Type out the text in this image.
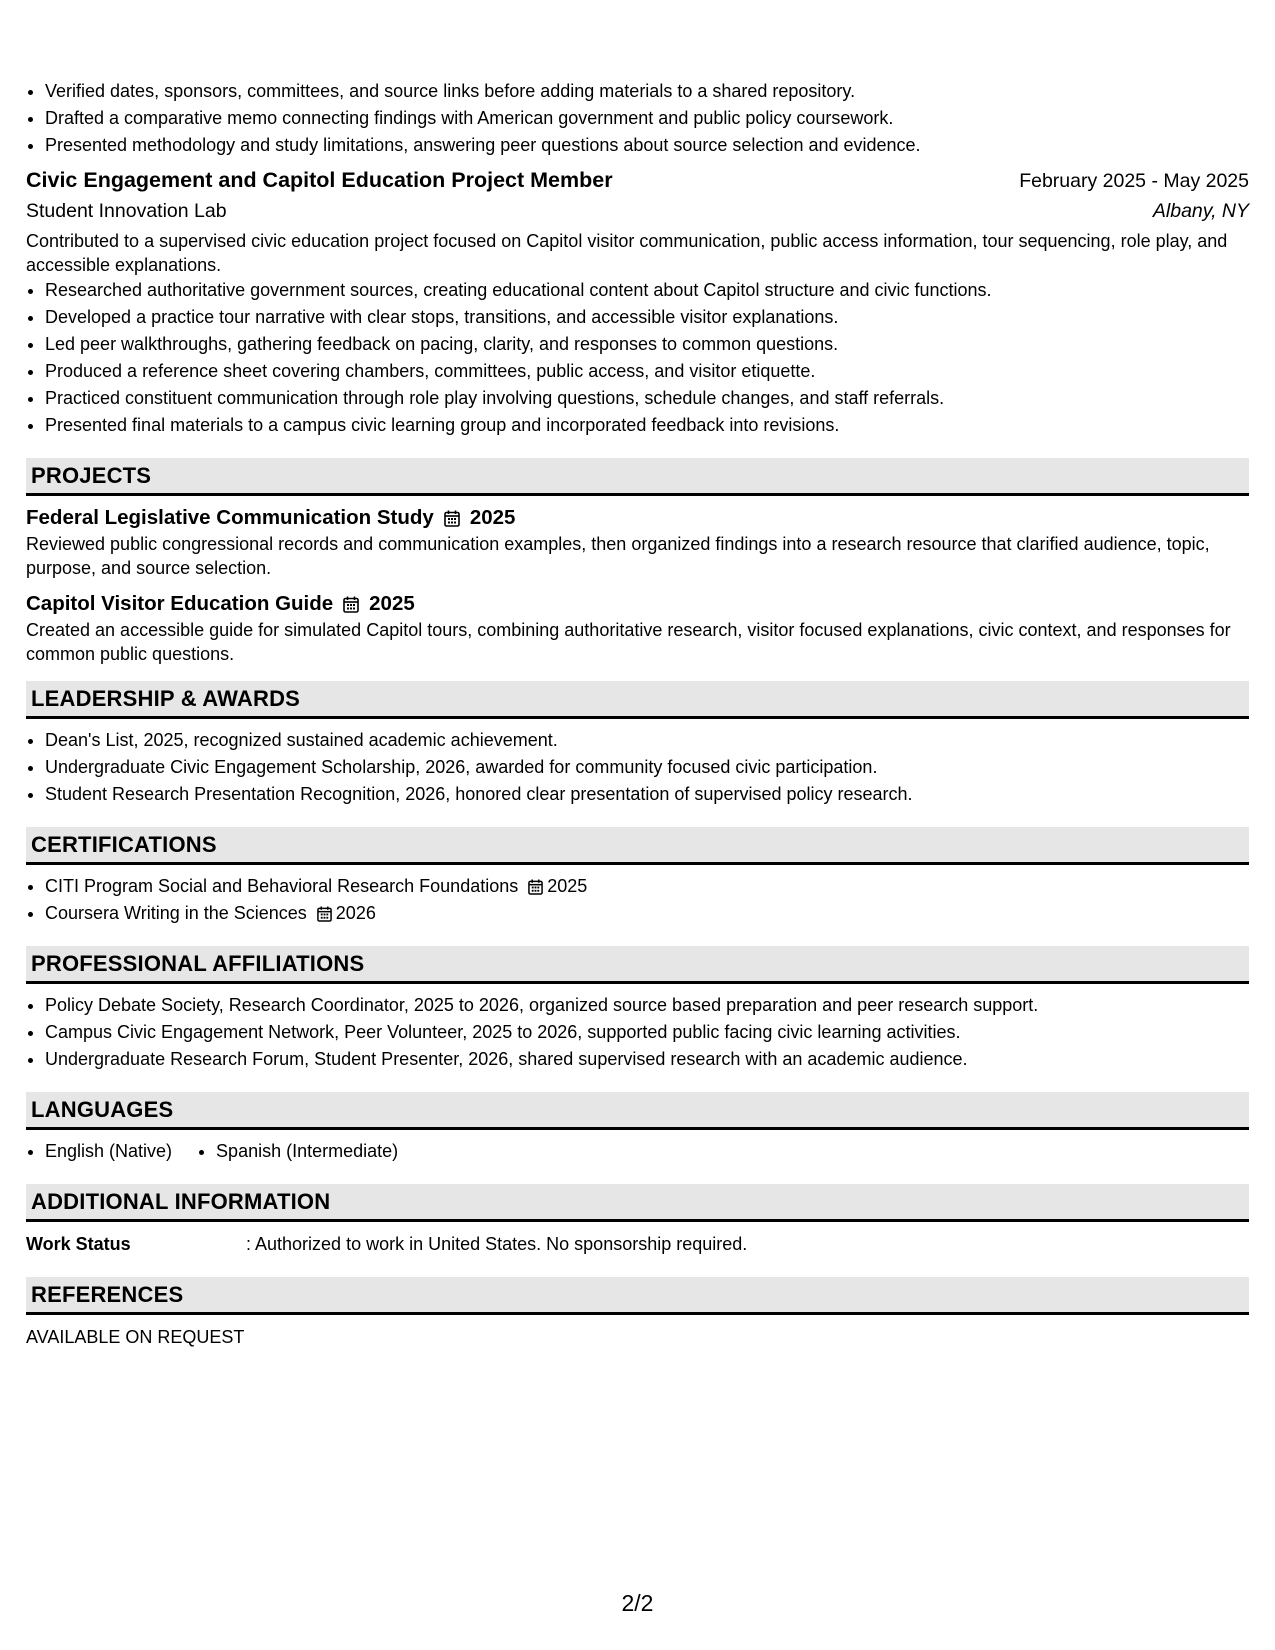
• Verified dates, sponsors, committees, and source links before adding materials to a shared repository.
• Drafted a comparative memo connecting findings with American government and public policy coursework.
• Presented methodology and study limitations, answering peer questions about source selection and evidence.
Civic Engagement and Capitol Education Project Member	February 2025 - May 2025
Student Innovation Lab	Albany, NY
Contributed to a supervised civic education project focused on Capitol visitor communication, public access information, tour sequencing, role play, and accessible explanations.
• Researched authoritative government sources, creating educational content about Capitol structure and civic functions.
• Developed a practice tour narrative with clear stops, transitions, and accessible visitor explanations.
• Led peer walkthroughs, gathering feedback on pacing, clarity, and responses to common questions.
• Produced a reference sheet covering chambers, committees, public access, and visitor etiquette.
• Practiced constituent communication through role play involving questions, schedule changes, and staff referrals.
• Presented final materials to a campus civic learning group and incorporated feedback into revisions.
PROJECTS
Federal Legislative Communication Study 2025
Reviewed public congressional records and communication examples, then organized findings into a research resource that clarified audience, topic, purpose, and source selection.
Capitol Visitor Education Guide 2025
Created an accessible guide for simulated Capitol tours, combining authoritative research, visitor focused explanations, civic context, and responses for common public questions.
LEADERSHIP & AWARDS
• Dean's List, 2025, recognized sustained academic achievement.
• Undergraduate Civic Engagement Scholarship, 2026, awarded for community focused civic participation.
• Student Research Presentation Recognition, 2026, honored clear presentation of supervised policy research.
CERTIFICATIONS
• CITI Program Social and Behavioral Research Foundations 2025
• Coursera Writing in the Sciences 2026
PROFESSIONAL AFFILIATIONS
• Policy Debate Society, Research Coordinator, 2025 to 2026, organized source based preparation and peer research support.
• Campus Civic Engagement Network, Peer Volunteer, 2025 to 2026, supported public facing civic learning activities.
• Undergraduate Research Forum, Student Presenter, 2026, shared supervised research with an academic audience.
LANGUAGES
• English (Native)
• Spanish (Intermediate)
ADDITIONAL INFORMATION
Work Status	: Authorized to work in United States. No sponsorship required.
REFERENCES
AVAILABLE ON REQUEST
2/2
